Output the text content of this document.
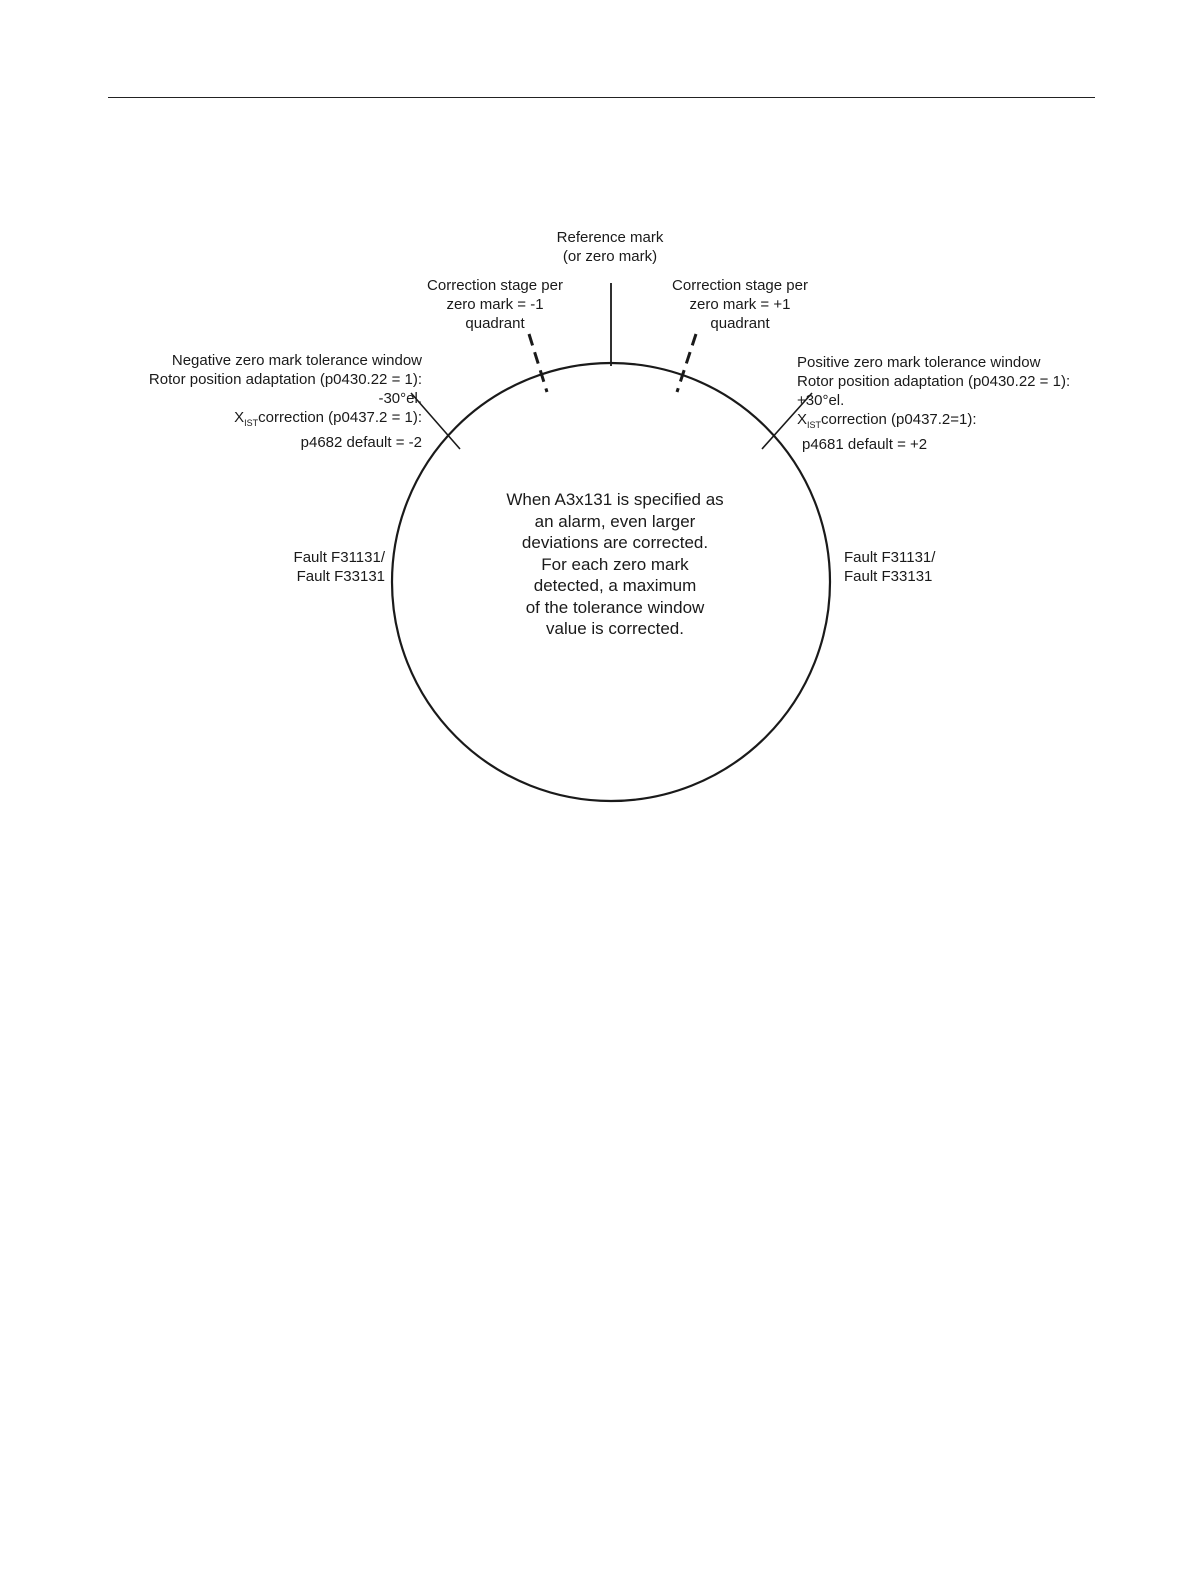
Reference mark
(or zero mark)
Correction stage per
zero mark = -1
quadrant
Correction stage per
zero mark = +1
quadrant
Negative zero mark tolerance window
Rotor position adaptation (p0430.22 = 1):
-30°el.
$X_{IST}correction$ (p0437.2 = 1):
p4682 default = -2
Positive zero mark tolerance window
Rotor position adaptation (p0430.22 = 1):
+30°el.
$X_{IST}correction$ (p0437.2=1):
p4681 default = +2
Fault F31131/
Fault F33131
Fault F31131/
Fault F33131
When A3x131 is specified as
an alarm, even larger
deviations are corrected.
For each zero mark
detected, a maximum
of the tolerance window
value is corrected.
